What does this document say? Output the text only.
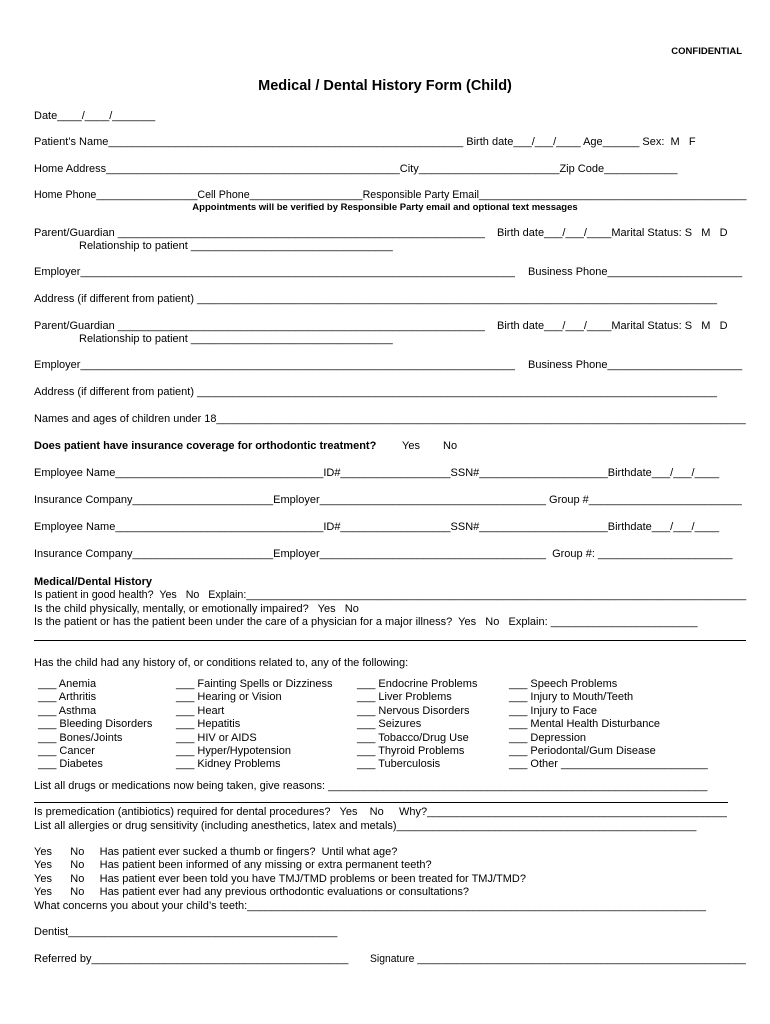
CONFIDENTIAL
Medical / Dental History Form (Child)
Date____/____/_______
Patient’s Name__________________________________________________________ Birth date___/___/____ Age______ Sex:  M   F
Home Address________________________________________________City_______________________Zip Code____________
Home Phone_________________Cell Phone___________________Responsible Party Email_____________________________________________
Appointments will be verified by Responsible Party email and optional text messages
Parent/Guardian ____________________________________________________________ Birth date___/___/____Marital Status: S   M   D
Relationship to patient _________________________________
Employer_______________________________________________________________________ Business Phone______________________
Address (if different from patient) _____________________________________________________________________________________
Parent/Guardian ____________________________________________________________ Birth date___/___/____Marital Status: S   M   D
Relationship to patient _________________________________
Employer_______________________________________________________________________ Business Phone______________________
Address (if different from patient) _____________________________________________________________________________________
Names and ages of children under 18_______________________________________________________________________________________
Does patient have insurance coverage for orthodontic treatment? Yes No
Employee Name__________________________________ID#__________________SSN#_____________________Birthdate___/___/____
Insurance Company_______________________Employer_____________________________________ Group #_________________________
Employee Name__________________________________ID#__________________SSN#_____________________Birthdate___/___/____
Insurance Company_______________________Employer_____________________________________  Group #: ______________________
Medical/Dental History
Is patient in good health?  Yes   No   Explain:____________________________________________________________________________________
Is the child physically, mentally, or emotionally impaired?   Yes   No
Is the patient or has the patient been under the care of a physician for a major illness?  Yes   No   Explain: ________________________
Has the child had any history of, or conditions related to, any of the following:
___ Anemia
___ Arthritis
___ Asthma
___ Bleeding Disorders
___ Bones/Joints
___ Cancer
___ Diabetes
___ Fainting Spells or Dizziness
___ Hearing or Vision
___ Heart
___ Hepatitis
___ HIV or AIDS
___ Hyper/Hypotension
___ Kidney Problems
___ Endocrine Problems
___ Liver Problems
___ Nervous Disorders
___ Seizures
___ Tobacco/Drug Use
___ Thyroid Problems
___ Tuberculosis
___ Speech Problems
___ Injury to Mouth/Teeth
___ Injury to Face
___ Mental Health Disturbance
___ Depression
___ Periodontal/Gum Disease
___ Other ________________________
List all drugs or medications now being taken, give reasons: ______________________________________________________________
Is premedication (antibiotics) required for dental procedures?   Yes    No     Why?_________________________________________________
List all allergies or drug sensitivity (including anesthetics, latex and metals)_________________________________________________
Yes      No     Has patient ever sucked a thumb or fingers?  Until what age?
Yes      No     Has patient been informed of any missing or extra permanent teeth?
Yes      No     Has patient ever been told you have TMJ/TMD problems or been treated for TMJ/TMD?
Yes      No     Has patient ever had any previous orthodontic evaluations or consultations?
What concerns you about your child’s teeth:___________________________________________________________________________
Dentist____________________________________________
Referred by__________________________________________ Signature _________________________________________________________
